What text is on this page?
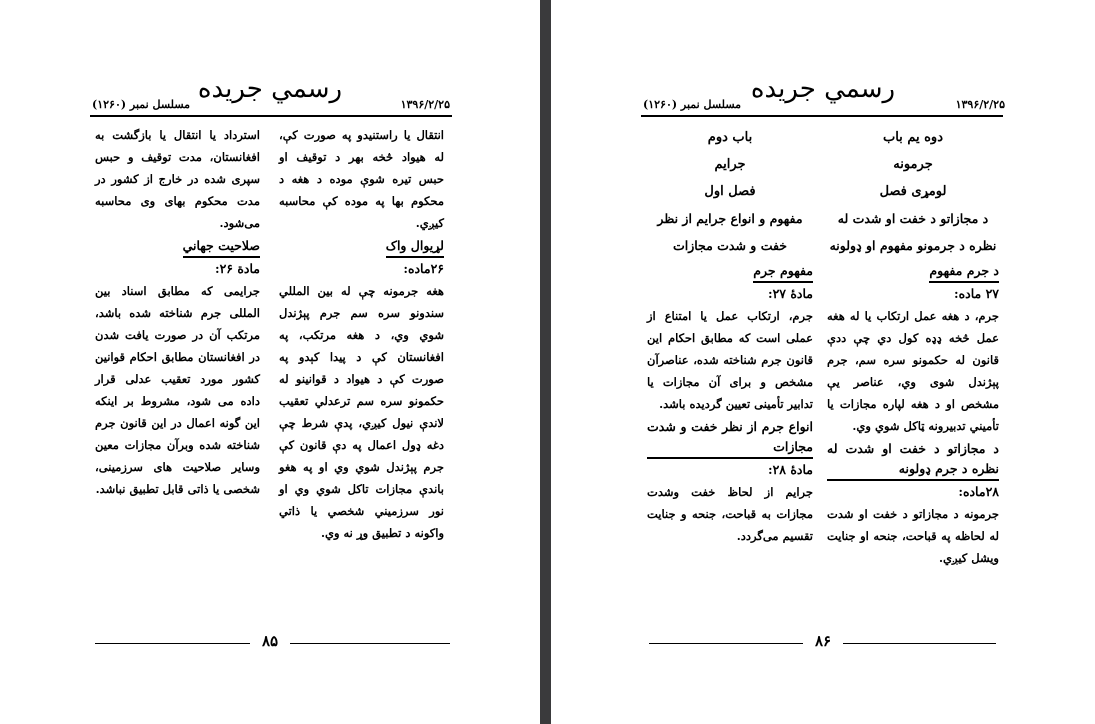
رسمي جريده
۱۳۹۶/۲/۲۵
مسلسل نمبر (۱۲۶۰)

انتقال يا راستنيدو په صورت کې، له هيواد څخه بهر د توقيف او حبس تيره شوې موده د هغه د محکوم بها په موده کې محاسبه کيږي.

لړيوال واک

۲۶ماده:

هغه جرمونه چې له بين المللي سندونو سره سم جرم پېژندل شوي وي، د هغه مرتکب، په افغانستان کې د پيدا کېدو په صورت کې د هيواد د قوانينو له حکمونو سره سم ترعدلي تعقيب لاندې نيول کيږي، پدې شرط چې دغه ډول اعمال په دې قانون کې جرم پېژندل شوي وي او په هغو باندې مجازات تاکل شوي وي او نور سرزميني شخصي يا ذاتي واکونه د تطبيق وړ نه وي.

استرداد يا انتقال يا بازگشت به افغانستان، مدت توقيف و حبس سپرى شده در خارج از كشور در مدت محكوم بهاى وى محاسبه مى‌شود.

صلاحيت جهاني

مادة ۲۶:

جرايمى كه مطابق اسناد بين المللى جرم شناخته شده باشد، مرتكب آن در صورت يافت شدن در افغانستان مطابق احكام قوانين كشور مورد تعقيب عدلى قرار داده مى شود، مشروط بر اينكه اين گونه اعمال در اين قانون جرم شناخته شده وبرآن مجازات معين وساير صلاحيت هاى سرزمينى، شخصى يا ذاتى قابل تطبيق نباشد.

۸۵
رسمي جريده
۱۳۹۶/۲/۲۵
مسلسل نمبر (۱۲۶۰)

دوه يم باب

جرمونه

لومړی فصل

د مجازاتو د خفت او شدت له نظره د جرمونو مفهوم او ډولونه

د جرم مفهوم

۲۷ ماده:

جرم، د هغه عمل ارتکاب يا له هغه عمل څخه ډډه کول دي چې ددې قانون له حکمونو سره سم، جرم پېژندل شوی وي، عناصر يې مشخص او د هغه لپاره مجازات يا تأميني تدبيرونه ټاکل شوي وي.

د مجازاتو د خفت او شدت له نظره د جرم ډولونه

۲۸ماده:

جرمونه د مجازاتو د خفت او شدت له لحاظه په قباحت، جنحه او جنايت ويشل کيږي.

باب دوم

جرايم

فصل اول

مفهوم و انواع جرايم از نظر خفت و شدت مجازات

مفهوم جرم

مادۀ ۲۷:

جرم، ارتكاب عمل يا امتناع از عملى است كه مطابق احكام اين قانون جرم شناخته شده، عناصرآن مشخص و براى آن مجازات يا تدابير تأمينى تعيين گرديده باشد.

انواع جرم از نظر خفت و شدت مجازات

مادۀ ۲۸:

جرايم از لحاظ خفت وشدت مجازات به قباحت، جنحه و جنايت تقسيم مى‌گردد.

۸۶
